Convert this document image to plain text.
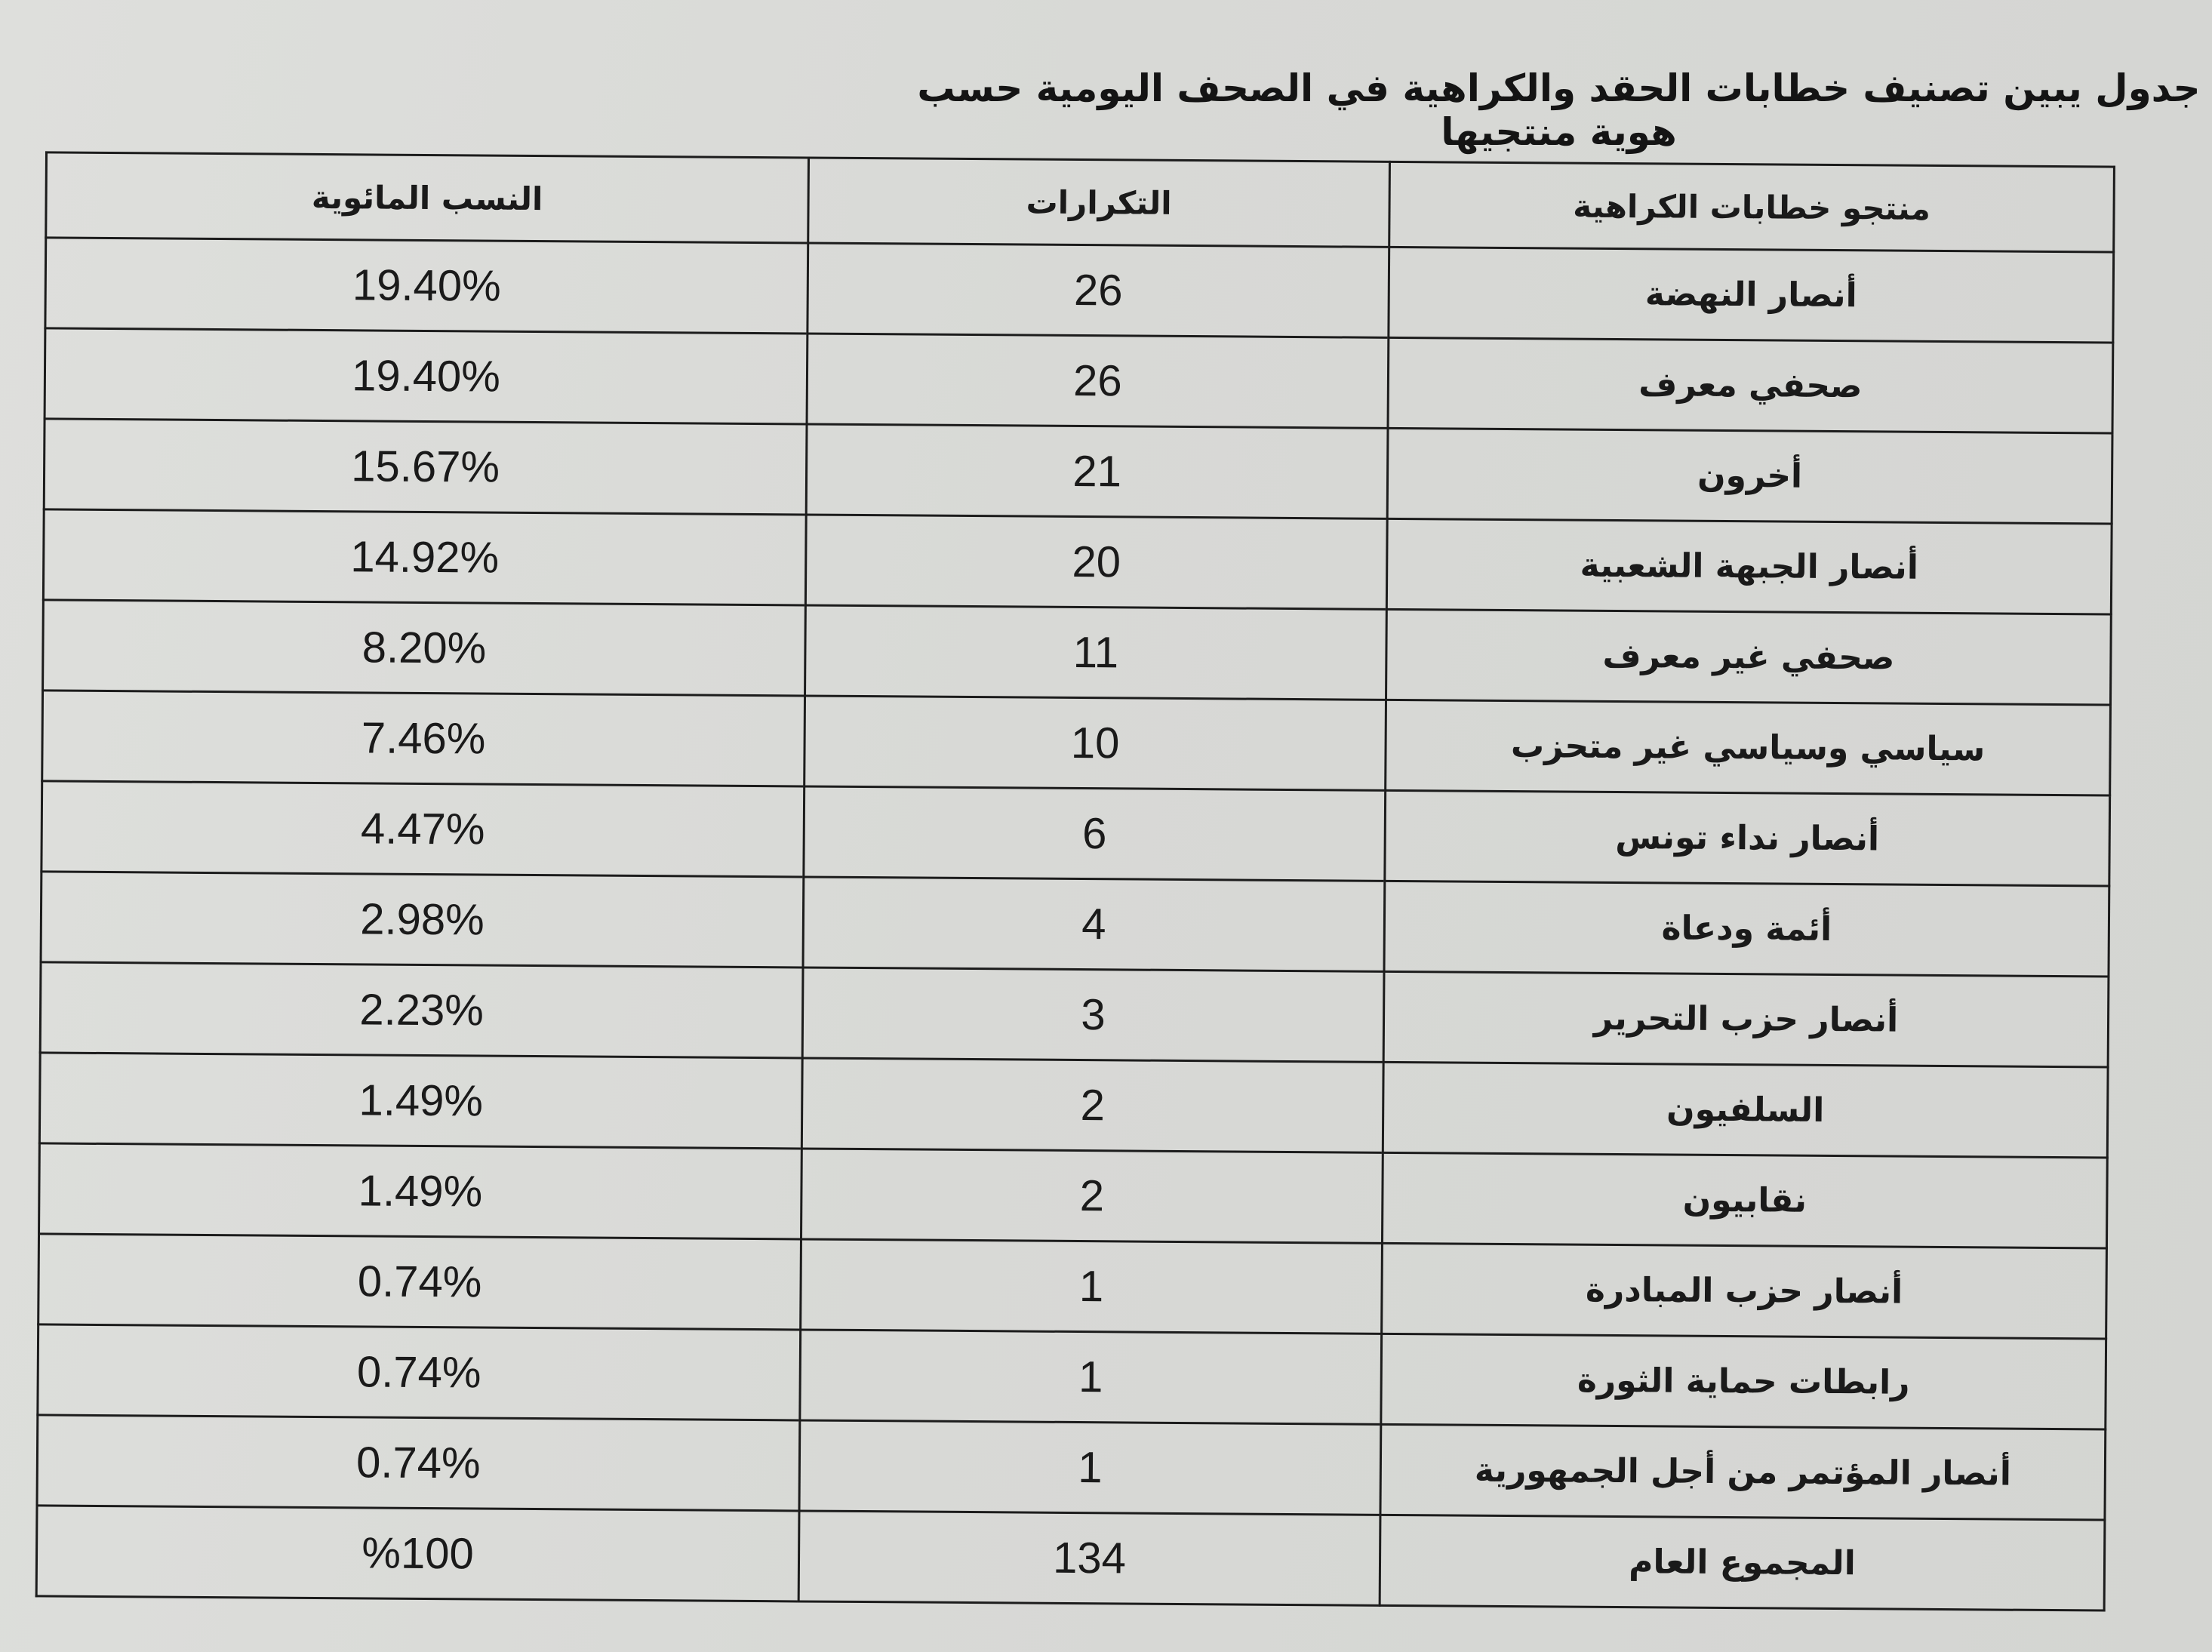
جدول يبين تصنيف خطابات الحقد والكراهية في الصحف اليومية حسب هوية منتجيها
منتجو خطابات الكراهية	التكرارات	النسب المائوية
أنصار النهضة	26	19.40%
صحفي معرف	26	19.40%
أخرون	21	15.67%
أنصار الجبهة الشعبية	20	14.92%
صحفي غير معرف	11	8.20%
سياسي وسياسي غير متحزب	10	7.46%
أنصار نداء تونس	6	4.47%
أئمة ودعاة	4	2.98%
أنصار حزب التحرير	3	2.23%
السلفيون	2	1.49%
نقابيون	2	1.49%
أنصار حزب المبادرة	1	0.74%
رابطات حماية الثورة	1	0.74%
أنصار المؤتمر من أجل الجمهورية	1	0.74%
المجموع العام	134	%100
